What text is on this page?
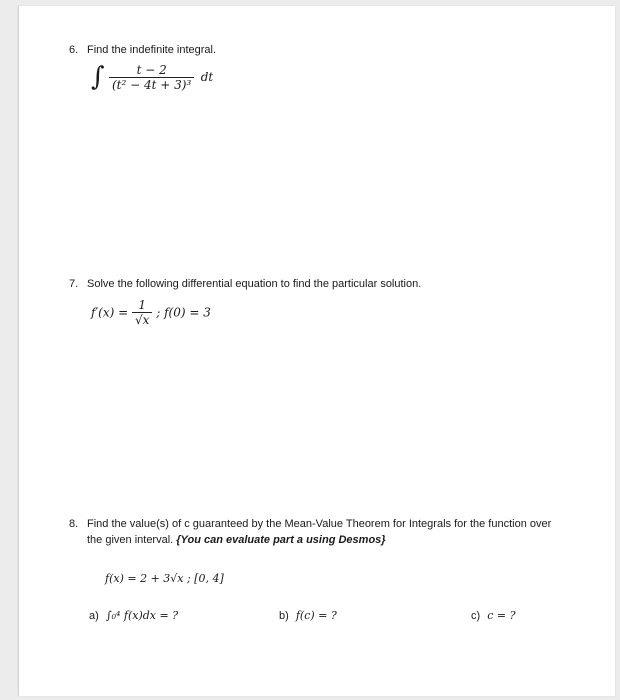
6. Find the indefinite integral.
∫ $\frac{t - 2}{\text{(t² − 4t + 3)³}}$ dt
7. Solve the following differential equation to find the particular solution.
$f'(x) = \frac{1}{√x}$ ; f(0) = 3
8. Find the value(s) of c guaranteed by the Mean-Value Theorem for Integrals for the function over
the given interval. {You can evaluate part a using Desmos}
f(x) = 2 + 3√x ; [0, 4]
a) ∫₀⁴ f(x)dx = ?	b) f(c) = ?	c) c = ?
